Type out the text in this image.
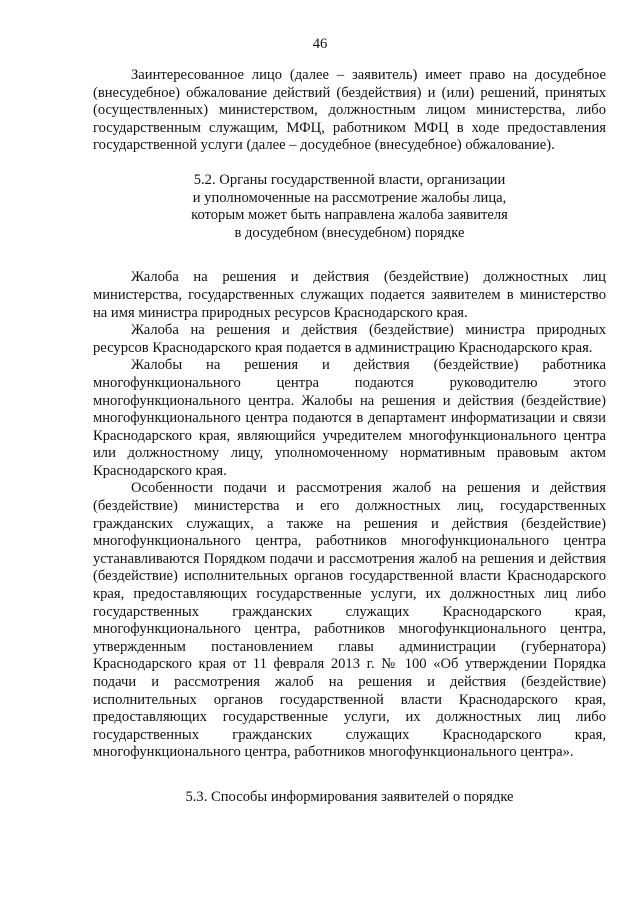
46

Заинтересованное лицо (далее – заявитель) имеет право на досудебное (внесудебное) обжалование действий (бездействия) и (или) решений, принятых (осуществленных) министерством, должностным лицом министерства, либо государственным служащим, МФЦ, работником МФЦ в ходе предоставления государственной услуги (далее – досудебное (внесудебное) обжалование).

5.2. Органы государственной власти, организации

и уполномоченные на рассмотрение жалобы лица,

которым может быть направлена жалоба заявителя

в досудебном (внесудебном) порядке

Жалоба на решения и действия (бездействие) должностных лиц министерства, государственных служащих подается заявителем в министерство на имя министра природных ресурсов Краснодарского края.

Жалоба на решения и действия (бездействие) министра природных ресурсов Краснодарского края подается в администрацию Краснодарского края.

Жалобы на решения и действия (бездействие) работника многофункционального центра подаются руководителю этого многофункционального центра. Жалобы на решения и действия (бездействие) многофункционального центра подаются в департамент информатизации и связи Краснодарского края, являющийся учредителем многофункционального центра или должностному лицу, уполномоченному нормативным правовым актом Краснодарского края.

Особенности подачи и рассмотрения жалоб на решения и действия (бездействие) министерства и его должностных лиц, государственных гражданских служащих, а также на решения и действия (бездействие) многофункционального центра, работников многофункционального центра устанавливаются Порядком подачи и рассмотрения жалоб на решения и действия (бездействие) исполнительных органов государственной власти Краснодарского края, предоставляющих государственные услуги, их должностных лиц либо государственных гражданских служащих Краснодарского края, многофункционального центра, работников многофункционального центра, утвержденным постановлением главы администрации (губернатора) Краснодарского края от 11 февраля 2013 г. № 100 «Об утверждении Порядка подачи и рассмотрения жалоб на решения и действия (бездействие) исполнительных органов государственной власти Краснодарского края, предоставляющих государственные услуги, их должностных лиц либо государственных гражданских служащих Краснодарского края, многофункционального центра, работников многофункционального центра».

5.3. Способы информирования заявителей о порядке
